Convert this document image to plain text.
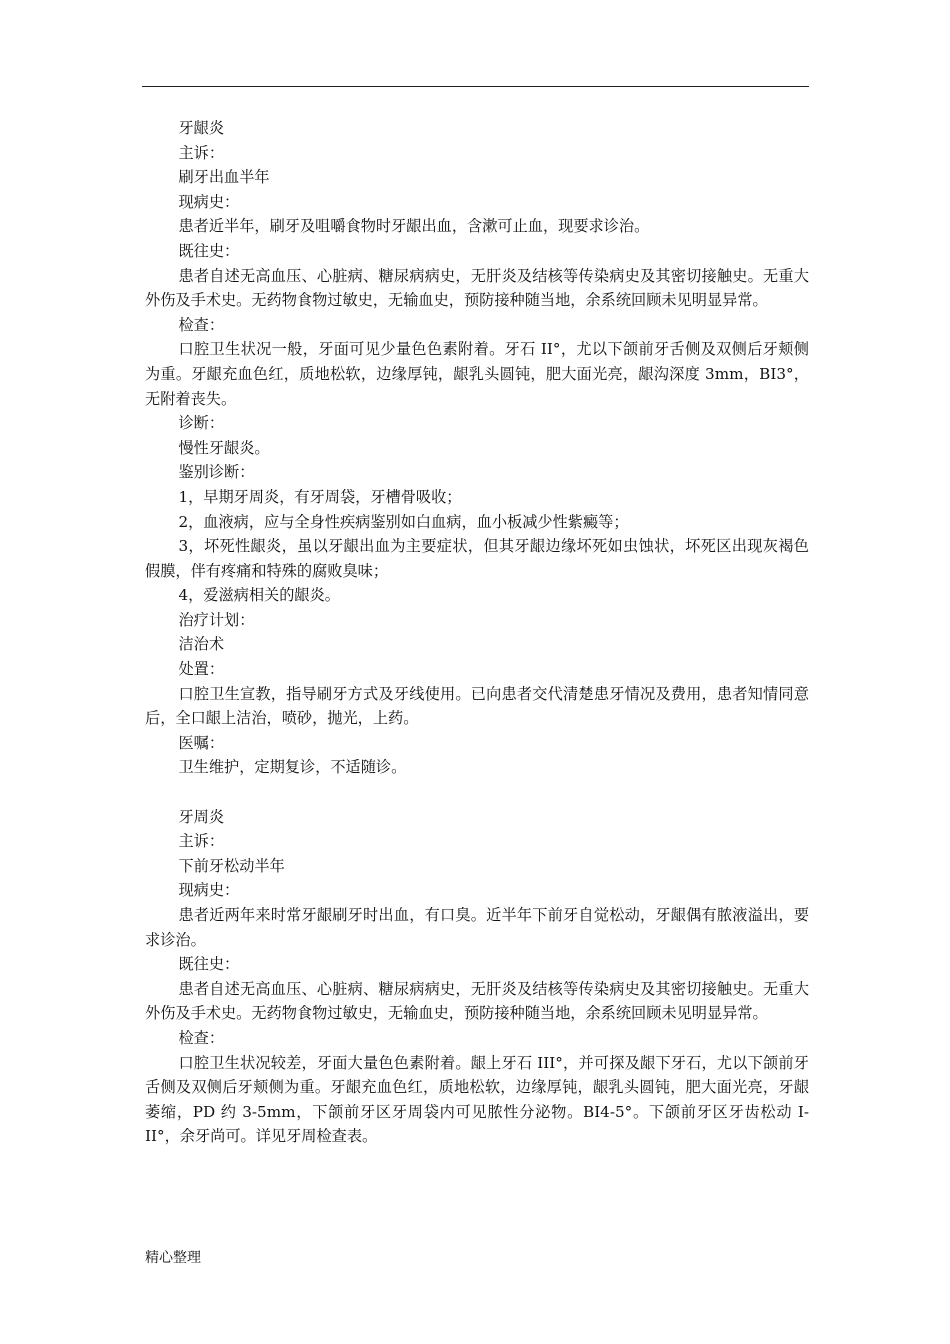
牙龈炎

主诉：

刷牙出血半年

现病史：

患者近半年，刷牙及咀嚼食物时牙龈出血，含漱可止血，现要求诊治。

既往史：

患者自述无高血压、心脏病、糖尿病病史，无肝炎及结核等传染病史及其密切接触史。无重大外伤及手术史。无药物食物过敏史，无输血史，预防接种随当地，余系统回顾未见明显异常。

检查：

口腔卫生状况一般，牙面可见少量色色素附着。牙石 II°，尤以下颌前牙舌侧及双侧后牙颊侧为重。牙龈充血色红，质地松软，边缘厚钝，龈乳头圆钝，肥大面光亮，龈沟深度 3mm，BI3°，无附着丧失。

诊断：

慢性牙龈炎。

鉴别诊断：

1，早期牙周炎，有牙周袋，牙槽骨吸收；

2，血液病，应与全身性疾病鉴别如白血病，血小板减少性紫癜等；

3，坏死性龈炎，虽以牙龈出血为主要症状，但其牙龈边缘坏死如虫蚀状，坏死区出现灰褐色假膜，伴有疼痛和特殊的腐败臭味；

4，爱滋病相关的龈炎。

治疗计划：

洁治术

处置：

口腔卫生宣教，指导刷牙方式及牙线使用。已向患者交代清楚患牙情况及费用，患者知情同意后，全口龈上洁治，喷砂，抛光，上药。

医嘱：

卫生维护，定期复诊，不适随诊。

牙周炎

主诉：

下前牙松动半年

现病史：

患者近两年来时常牙龈刷牙时出血，有口臭。近半年下前牙自觉松动，牙龈偶有脓液溢出，要求诊治。

既往史：

患者自述无高血压、心脏病、糖尿病病史，无肝炎及结核等传染病史及其密切接触史。无重大外伤及手术史。无药物食物过敏史，无输血史，预防接种随当地，余系统回顾未见明显异常。

检查：

口腔卫生状况较差，牙面大量色色素附着。龈上牙石 III°，并可探及龈下牙石，尤以下颌前牙舌侧及双侧后牙颊侧为重。牙龈充血色红，质地松软，边缘厚钝，龈乳头圆钝，肥大面光亮，牙龈萎缩，PD 约 3-5mm，下颌前牙区牙周袋内可见脓性分泌物。BI4-5°。下颌前牙区牙齿松动 I-II°，余牙尚可。详见牙周检查表。

精心整理
